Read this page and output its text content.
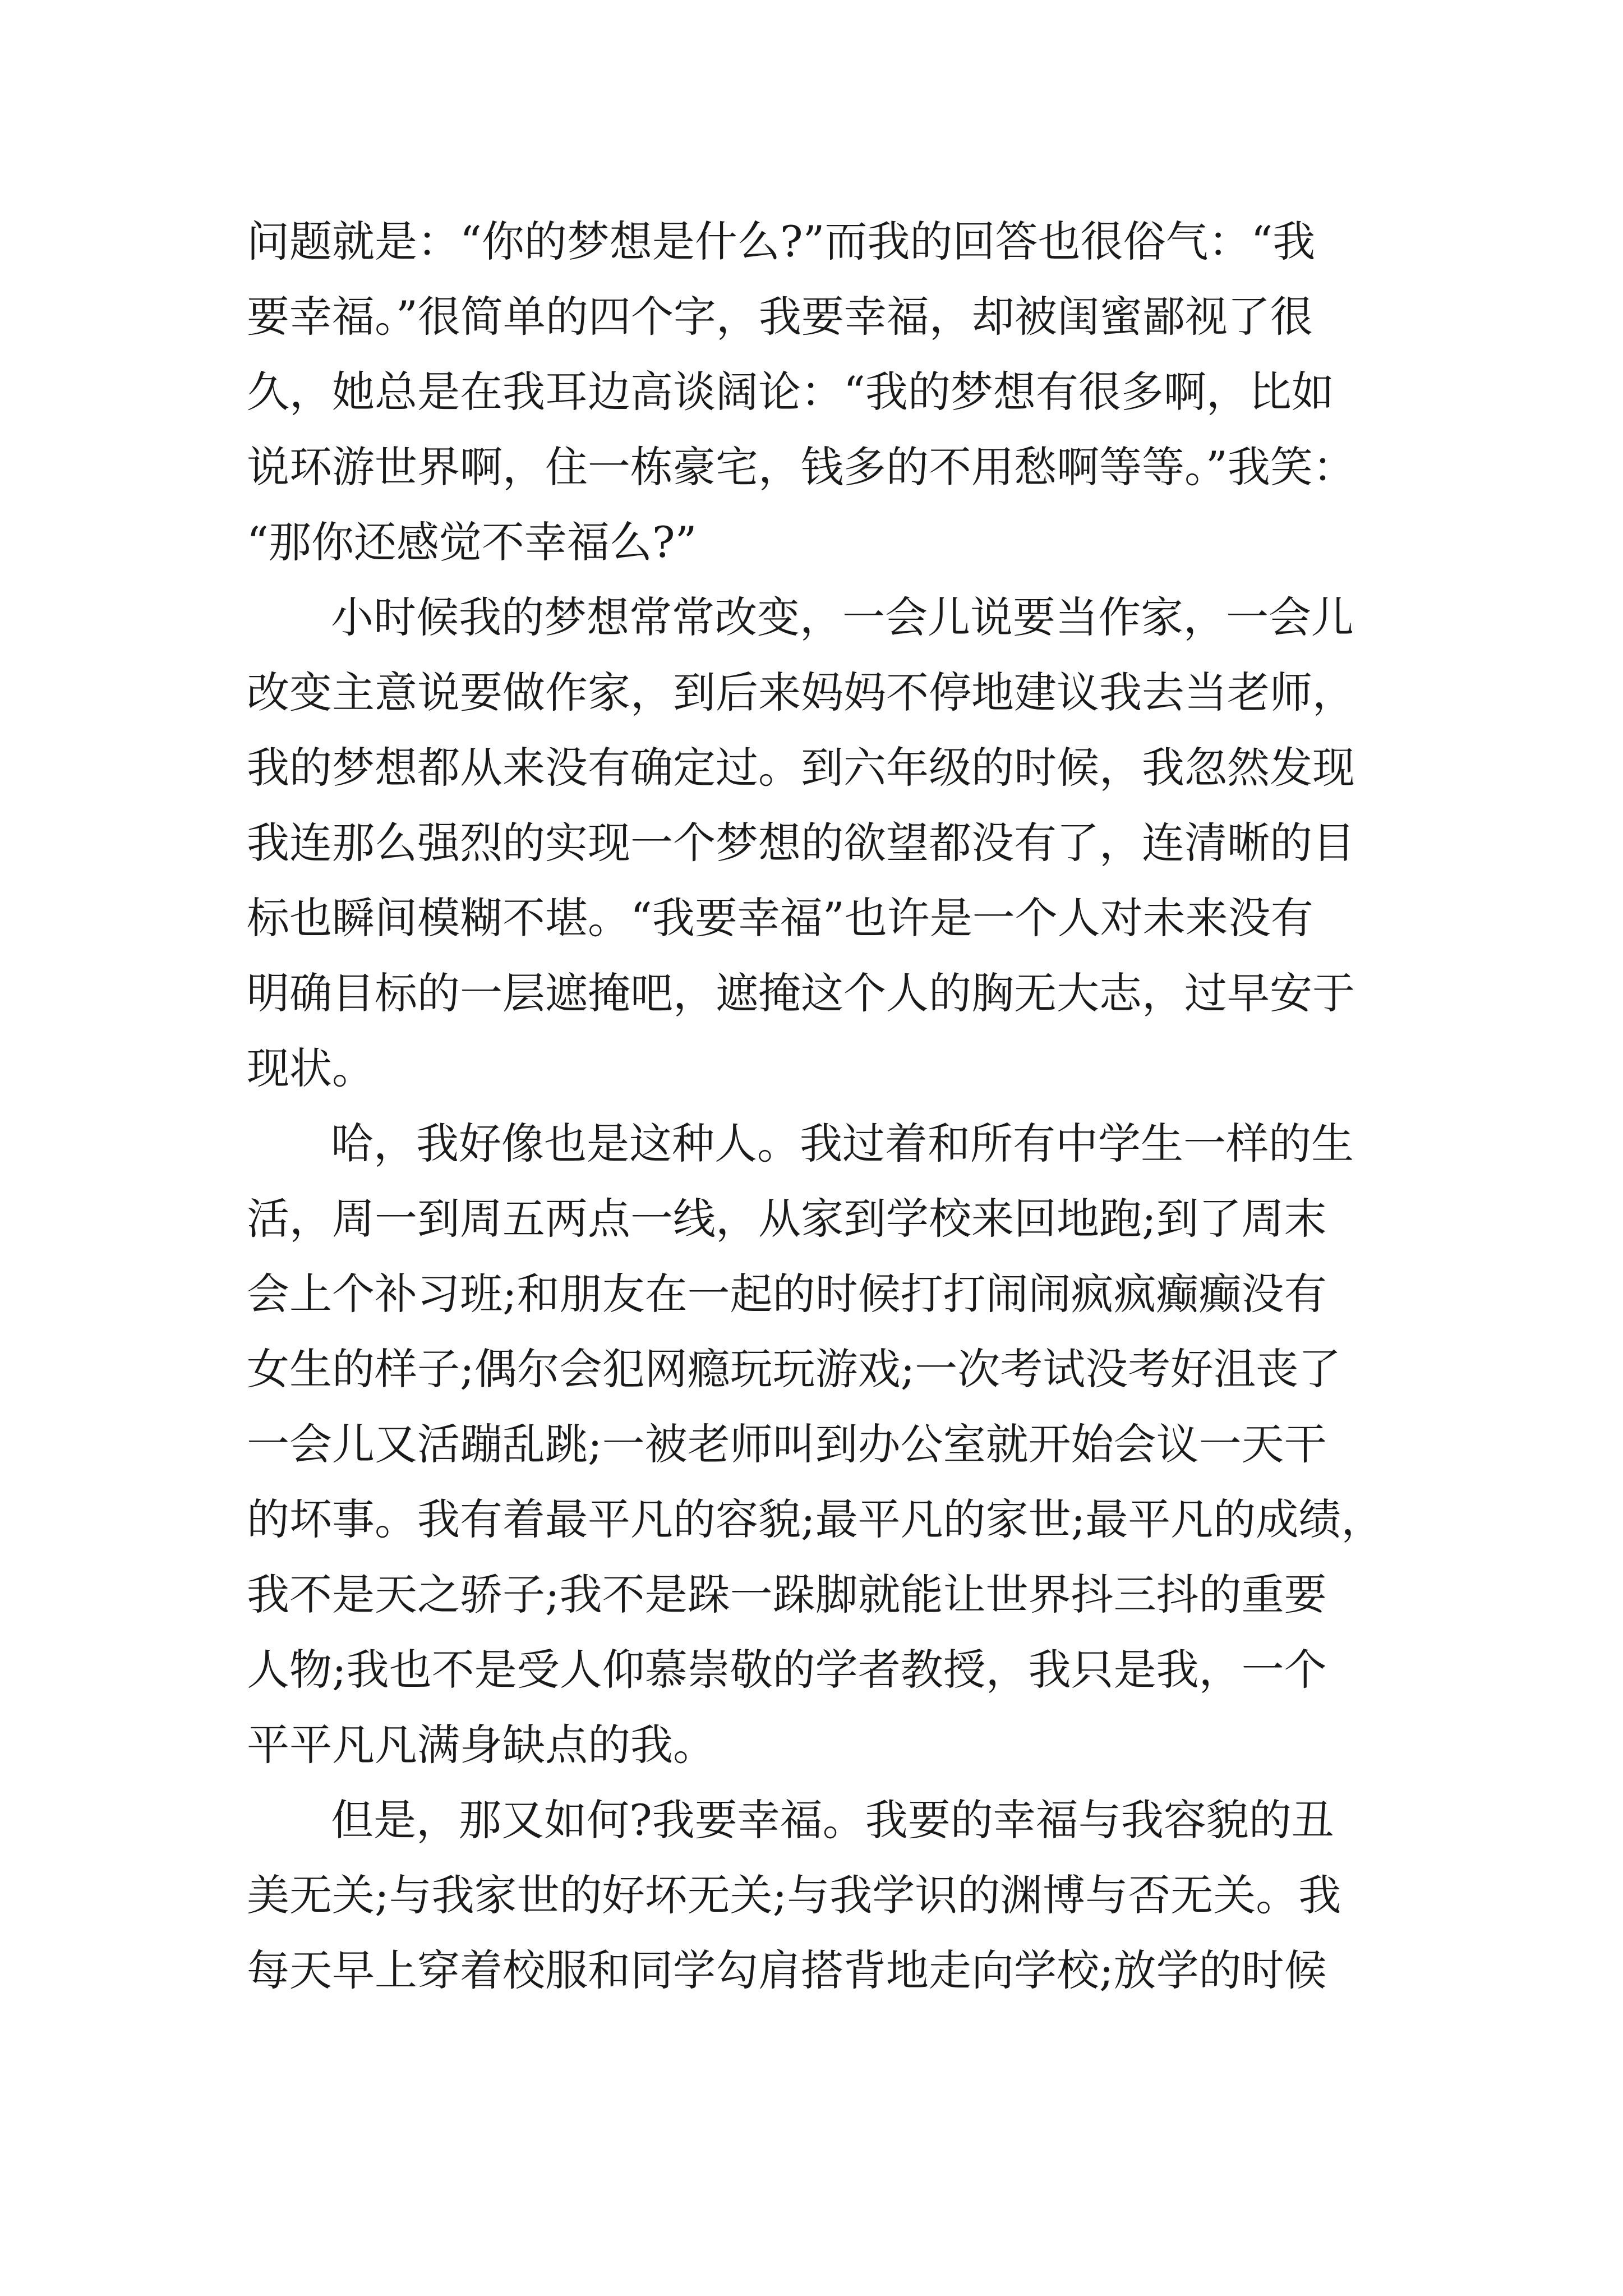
问题就是：“你的梦想是什么?”而我的回答也很俗气：“我
要幸福。”很简单的四个字，我要幸福，却被闺蜜鄙视了很
久，她总是在我耳边高谈阔论：“我的梦想有很多啊，比如
说环游世界啊，住一栋豪宅，钱多的不用愁啊等等。”我笑：
“那你还感觉不幸福么?”
小时候我的梦想常常改变，一会儿说要当作家，一会儿
改变主意说要做作家，到后来妈妈不停地建议我去当老师，
我的梦想都从来没有确定过。到六年级的时候，我忽然发现
我连那么强烈的实现一个梦想的欲望都没有了，连清晰的目
标也瞬间模糊不堪。“我要幸福”也许是一个人对未来没有
明确目标的一层遮掩吧，遮掩这个人的胸无大志，过早安于
现状。
哈，我好像也是这种人。我过着和所有中学生一样的生
活，周一到周五两点一线，从家到学校来回地跑;到了周末
会上个补习班;和朋友在一起的时候打打闹闹疯疯癫癫没有
女生的样子;偶尔会犯网瘾玩玩游戏;一次考试没考好沮丧了
一会儿又活蹦乱跳;一被老师叫到办公室就开始会议一天干
的坏事。我有着最平凡的容貌;最平凡的家世;最平凡的成绩，
我不是天之骄子;我不是跺一跺脚就能让世界抖三抖的重要
人物;我也不是受人仰慕崇敬的学者教授，我只是我，一个
平平凡凡满身缺点的我。
但是，那又如何?我要幸福。我要的幸福与我容貌的丑
美无关;与我家世的好坏无关;与我学识的渊博与否无关。我
每天早上穿着校服和同学勾肩搭背地走向学校;放学的时候
